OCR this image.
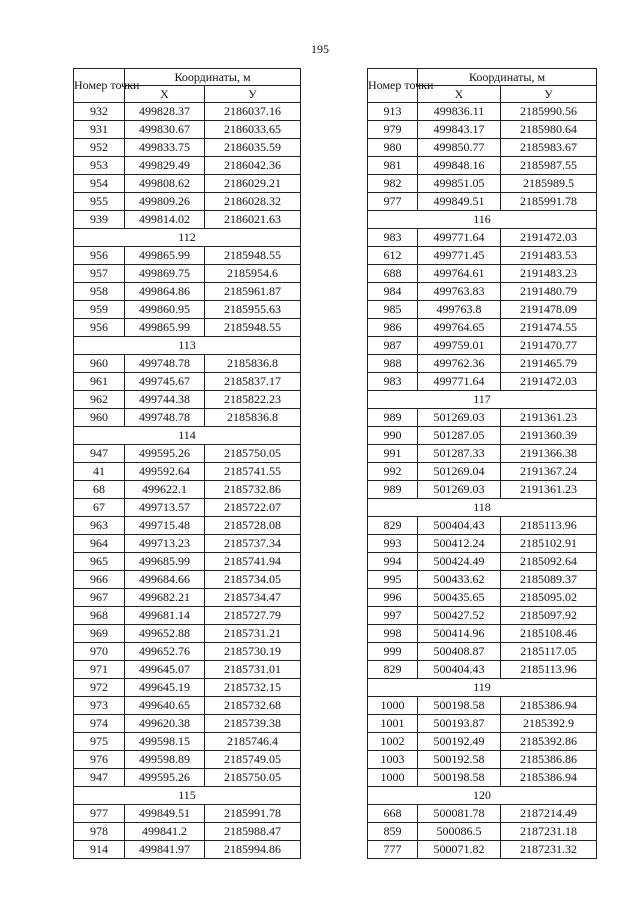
195
Номер точки	Координаты, м	
	Х	У
932	499828.37	2186037.16
931	499830.67	2186033.65
952	499833.75	2186035.59
953	499829.49	2186042.36
954	499808.62	2186029.21
955	499809.26	2186028.32
939	499814.02	2186021.63
112		
956	499865.99	2185948.55
957	499869.75	2185954.6
958	499864.86	2185961.87
959	499860.95	2185955.63
956	499865.99	2185948.55
113		
960	499748.78	2185836.8
961	499745.67	2185837.17
962	499744.38	2185822.23
960	499748.78	2185836.8
114		
947	499595.26	2185750.05
41	499592.64	2185741.55
68	499622.1	2185732.86
67	499713.57	2185722.07
963	499715.48	2185728.08
964	499713.23	2185737.34
965	499685.99	2185741.94
966	499684.66	2185734.05
967	499682.21	2185734.47
968	499681.14	2185727.79
969	499652.88	2185731.21
970	499652.76	2185730.19
971	499645.07	2185731.01
972	499645.19	2185732.15
973	499640.65	2185732.68
974	499620.38	2185739.38
975	499598.15	2185746.4
976	499598.89	2185749.05
947	499595.26	2185750.05
115		
977	499849.51	2185991.78
978	499841.2	2185988.47
914	499841.97	2185994.86
Номер точки	Координаты, м	
	Х	У
913	499836.11	2185990.56
979	499843.17	2185980.64
980	499850.77	2185983.67
981	499848.16	2185987.55
982	499851.05	2185989.5
977	499849.51	2185991.78
116		
983	499771.64	2191472.03
612	499771.45	2191483.53
688	499764.61	2191483.23
984	499763.83	2191480.79
985	499763.8	2191478.09
986	499764.65	2191474.55
987	499759.01	2191470.77
988	499762.36	2191465.79
983	499771.64	2191472.03
117		
989	501269.03	2191361.23
990	501287.05	2191360.39
991	501287.33	2191366.38
992	501269.04	2191367.24
989	501269.03	2191361.23
118		
829	500404.43	2185113.96
993	500412.24	2185102.91
994	500424.49	2185092.64
995	500433.62	2185089.37
996	500435.65	2185095.02
997	500427.52	2185097.92
998	500414.96	2185108.46
999	500408.87	2185117.05
829	500404.43	2185113.96
119		
1000	500198.58	2185386.94
1001	500193.87	2185392.9
1002	500192.49	2185392.86
1003	500192.58	2185386.86
1000	500198.58	2185386.94
120		
668	500081.78	2187214.49
859	500086.5	2187231.18
777	500071.82	2187231.32
